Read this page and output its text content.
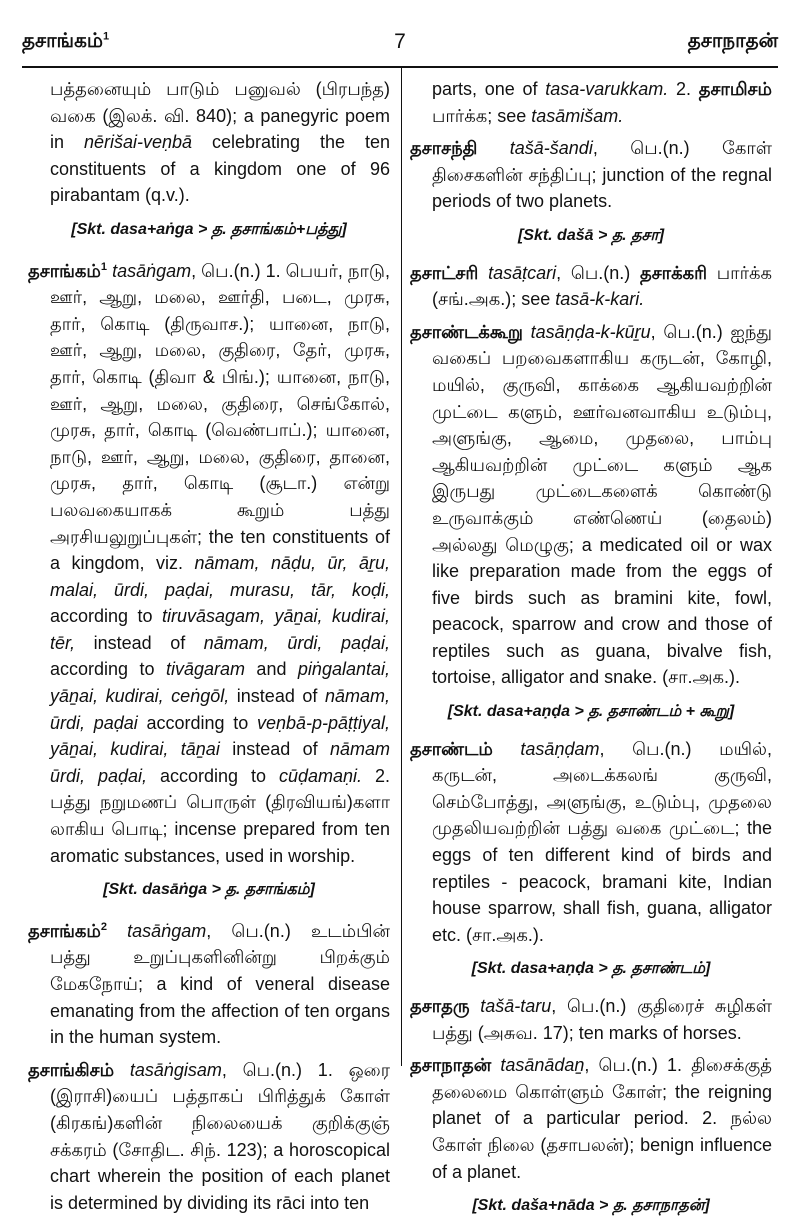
தசாங்கம்$^1$	7	தசாநாதன்
பத்தனையும் பாடும் பனுவல் (பிரபந்த) வகை (இலக். வி. 840); a panegyric poem in nērišai-veṇbā celebrating the ten constituents of a kingdom one of 96 pirabantam (q.v.).
[Skt. dasa+aṅga > த. தசாங்கம்+பத்து]
தசாங்கம்$^1$ tasāṅgam, பெ.(n.) 1. பெயர், நாடு, ஊர், ஆறு, மலை, ஊர்தி, படை, முரசு, தார், கொடி (திருவாச.); யானை, நாடு, ஊர், ஆறு, மலை, குதிரை, தேர், முரசு, தார், கொடி (திவா & பிங்.); யானை, நாடு, ஊர், ஆறு, மலை, குதிரை, செங்கோல், முரசு, தார், கொடி (வெண்பாப்.); யானை, நாடு, ஊர், ஆறு, மலை, குதிரை, தானை, முரசு, தார், கொடி (சூடா.) என்று பலவகையாகக் கூறும் பத்து அரசியலுறுப்புகள்; the ten constituents of a kingdom, viz. nāmam, nāḍu, ūr, āṟu, malai, ūrdi, paḍai, murasu, tār, koḍi, according to tiruvāsagam, yāṉai, kudirai, tēr, instead of nāmam, ūrdi, paḍai, according to tivāgaram and piṅgalantai, yāṉai, kudirai, ceṅgōl, instead of nāmam, ūrdi, paḍai according to veṇbā-p-pāṭṭiyal, yāṉai, kudirai, tāṉai instead of nāmam ūrdi, paḍai, according to cūḍamaṇi. 2. பத்து நறுமணப் பொருள் (திரவியங்)களா லாகிய பொடி; incense prepared from ten aromatic substances, used in worship.
[Skt. dasāṅga > த. தசாங்கம்]
தசாங்கம்$^2$ tasāṅgam, பெ.(n.) உடம்பின் பத்து உறுப்புகளினின்று பிறக்கும் மேகநோய்; a kind of veneral disease emanating from the affection of ten organs in the human system.
தசாங்கிசம் tasāṅgisam, பெ.(n.) 1. ஒரை (இராசி)யைப் பத்தாகப் பிரித்துக் கோள் (கிரகங்)களின் நிலையைக் குறிக்குஞ் சக்கரம் (சோதிட. சிந். 123); a horoscopical chart wherein the position of each planet is determined by dividing its rāci into ten
parts, one of tasa-varukkam. 2. தசாமிசம் பார்க்க; see tasāmišam.
தசாசந்தி tašā-šandi, பெ.(n.) கோள் திசைகளின் சந்திப்பு; junction of the regnal periods of two planets.
[Skt. dašā > த. தசா]
தசாட்சரி tasāṭcari, பெ.(n.) தசாக்கரி பார்க்க (சங்.அக.); see tasā-k-kari.
தசாண்டக்கூறு tasāṇḍa-k-kūṟu, பெ.(n.) ஐந்து வகைப் பறவைகளாகிய கருடன், கோழி, மயில், குருவி, காக்கை ஆகியவற்றின் முட்டை களும், ஊர்வனவாகிய உடும்பு, அளுங்கு, ஆமை, முதலை, பாம்பு ஆகியவற்றின் முட்டை களும் ஆக இருபது முட்டைகளைக் கொண்டு உருவாக்கும் எண்ணெய் (தைலம்) அல்லது மெழுகு; a medicated oil or wax like preparation made from the eggs of five birds such as bramini kite, fowl, peacock, sparrow and crow and those of reptiles such as guana, bivalve fish, tortoise, alligator and snake. (சா.அக.).
[Skt. dasa+aṇḍa > த. தசாண்டம் + கூறு]
தசாண்டம் tasāṇḍam, பெ.(n.) மயில், கருடன், அடைக்கலங் குருவி, செம்போத்து, அளுங்கு, உடும்பு, முதலை முதலியவற்றின் பத்து வகை முட்டை; the eggs of ten different kind of birds and reptiles - peacock, bramani kite, Indian house sparrow, shall fish, guana, alligator etc. (சா.அக.).
[Skt. dasa+aṇḍa > த. தசாண்டம்]
தசாதரு tašā-taru, பெ.(n.) குதிரைச் சுழிகள் பத்து (அசுவ. 17); ten marks of horses.
தசாநாதன் tasānādaṉ, பெ.(n.) 1. திசைக்குத் தலைமை கொள்ளும் கோள்; the reigning planet of a particular period. 2. நல்ல கோள் நிலை (தசாபலன்); benign influence of a planet.
[Skt. daša+nāda > த. தசாநாதன்]
